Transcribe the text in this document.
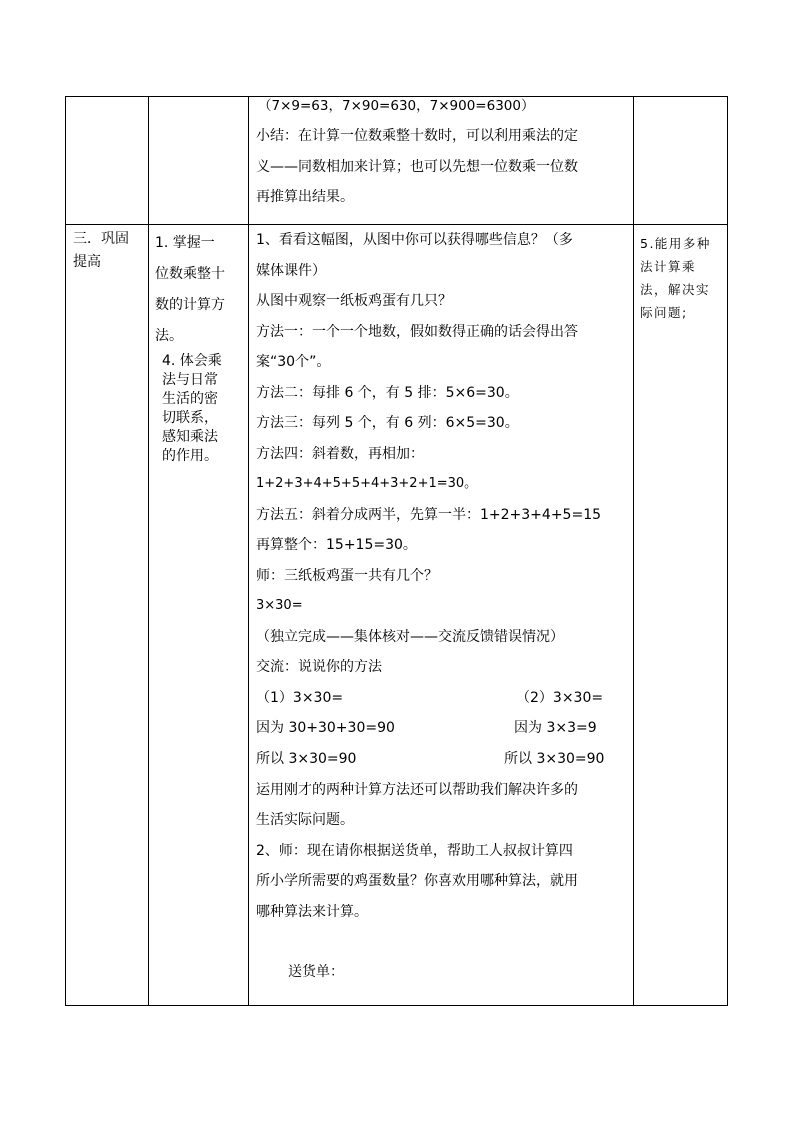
（7×9=63，7×90=630，7×900=6300）

小结：在计算一位数乘整十数时，可以利用乘法的定

义——同数相加来计算；也可以先想一位数乘一位数

再推算出结果。

三．巩固

提高

1. 掌握一

位数乘整十

数的计算方

法。

4. 体会乘

法与日常

生活的密

切联系，

感知乘法

的作用。

5.能用多种

法计算乘

法，解决实

际问题;

1、看看这幅图，从图中你可以获得哪些信息？（多

媒体课件）

从图中观察一纸板鸡蛋有几只？

方法一：一个一个地数，假如数得正确的话会得出答

案“30个”。

方法二：每排 6 个，有 5 排：5×6=30。

方法三：每列 5 个，有 6 列：6×5=30。

方法四：斜着数，再相加：

1+2+3+4+5+5+4+3+2+1=30。

方法五：斜着分成两半，先算一半：1+2+3+4+5=15

再算整个：15+15=30。

师：三纸板鸡蛋一共有几个？

3×30=

（独立完成——集体核对——交流反馈错误情况）

交流：说说你的方法

（1）3×30=

因为 30+30+30=90

所以 3×30=90

（2）3×30=

因为 3×3=9

所以 3×30=90

运用刚才的两种计算方法还可以帮助我们解决许多的

生活实际问题。

2、师：现在请你根据送货单，帮助工人叔叔计算四

所小学所需要的鸡蛋数量？你喜欢用哪种算法，就用

哪种算法来计算。

送货单：
